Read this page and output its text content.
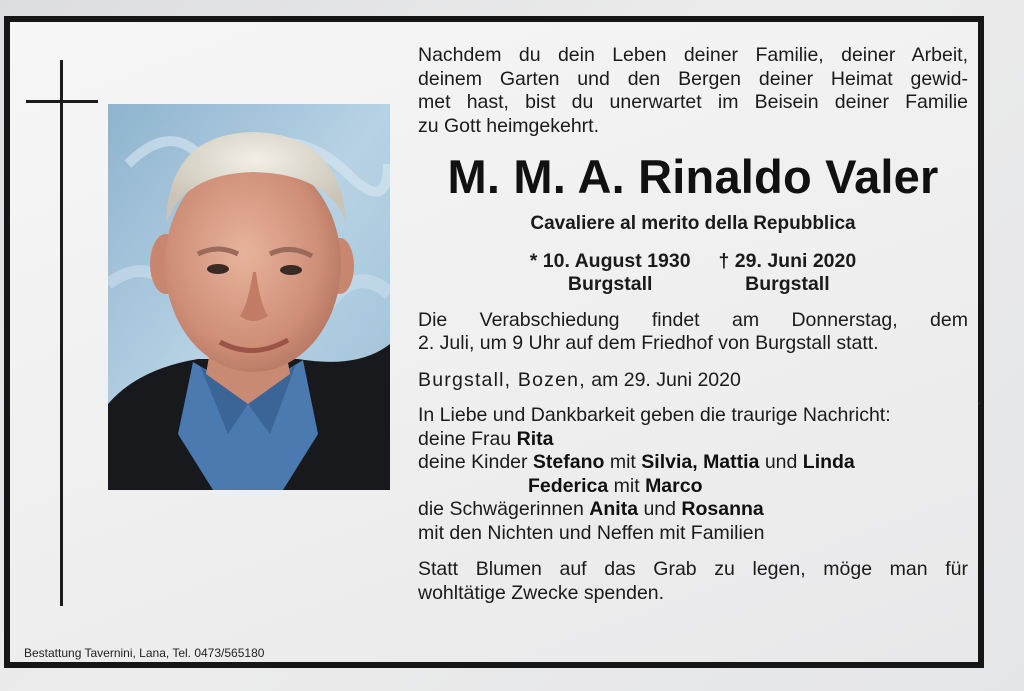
Bestattung Tavernini, Lana, Tel. 0473/565180

Nachdem du dein Leben deiner Familie, deiner Arbeit,

deinem Garten und den Bergen deiner Heimat gewid-

met hast, bist du unerwartet im Beisein deiner Familie

zu Gott heimgekehrt.

M. M. A. Rinaldo Valer
Cavaliere al merito della Repubblica
* 10. August 1930
Burgstall
† 29. Juni 2020
Burgstall

Die Verabschiedung findet am Donnerstag, dem

2. Juli, um 9 Uhr auf dem Friedhof von Burgstall statt.

Burgstall, Bozen, am 29. Juni 2020

In Liebe und Dankbarkeit geben die traurige Nachricht:

deine Frau Rita

deine Kinder Stefano mit Silvia, Mattia und Linda

Federica mit Marco

die Schwägerinnen Anita und Rosanna

mit den Nichten und Neffen mit Familien

Statt Blumen auf das Grab zu legen, möge man für

wohltätige Zwecke spenden.
